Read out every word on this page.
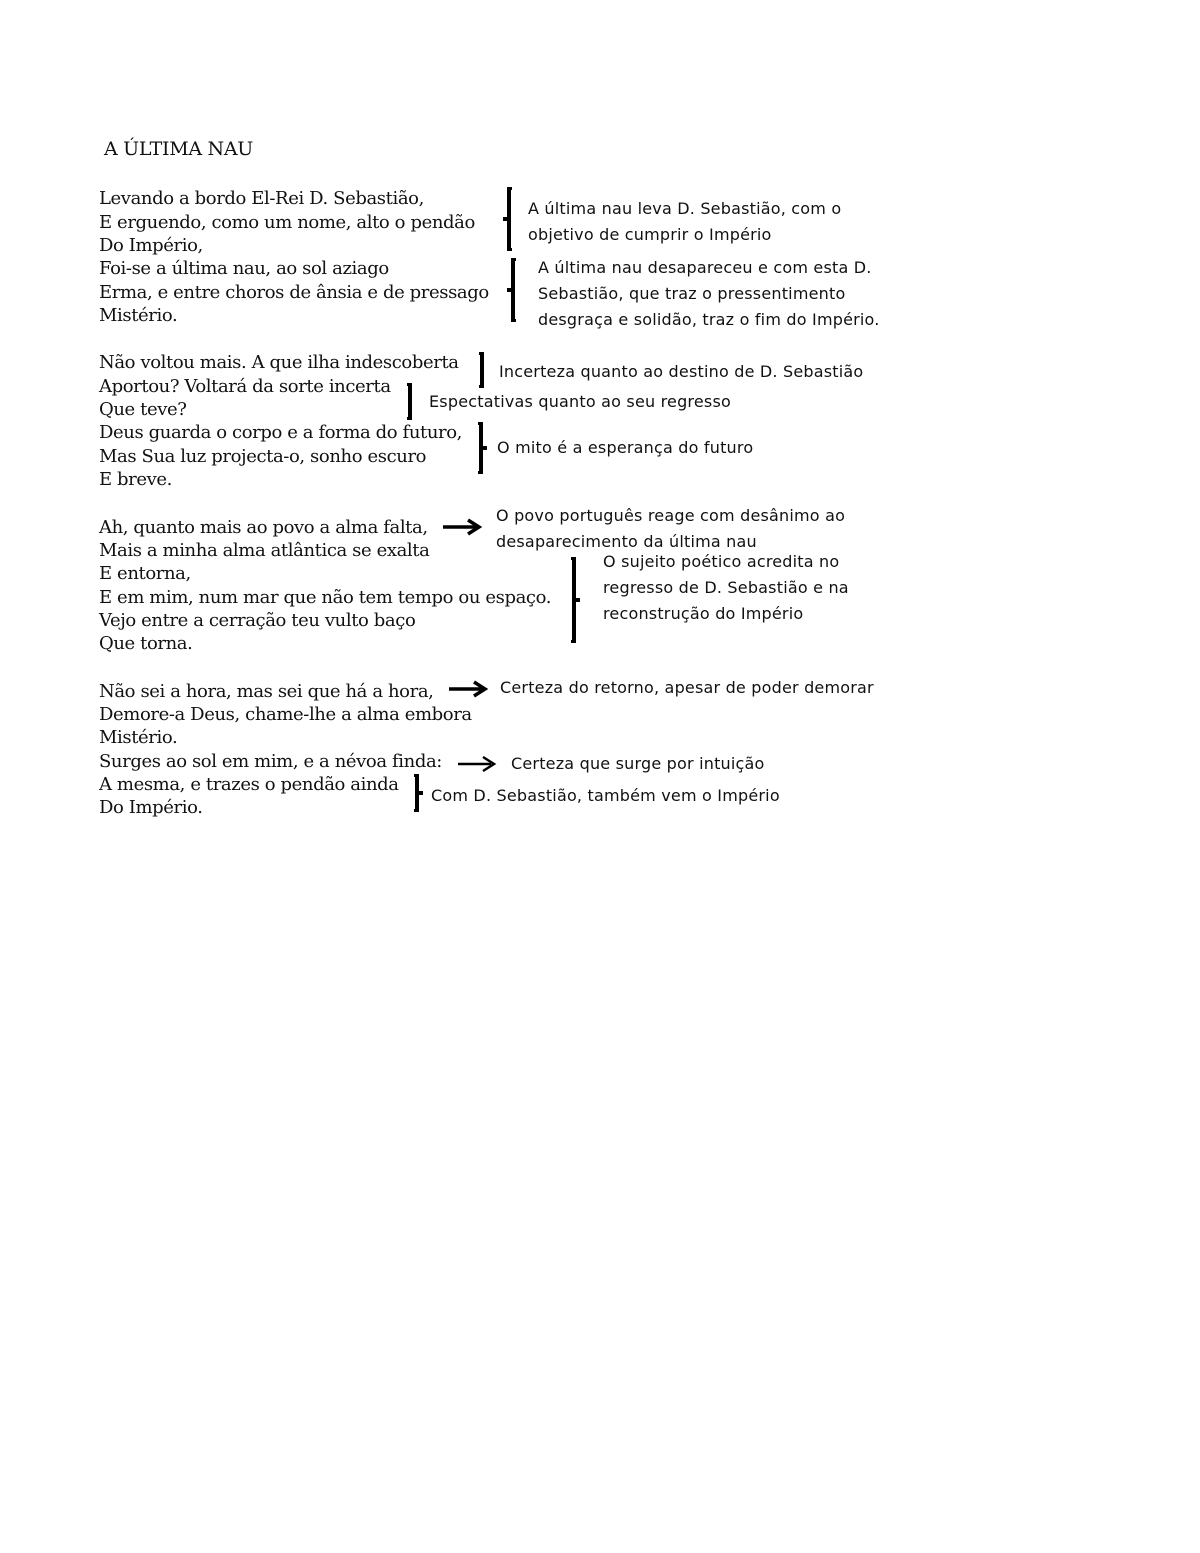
A ÚLTIMA NAU
Levando a bordo El-Rei D. Sebastião,
E erguendo, como um nome, alto o pendão
Do Império,
Foi-se a última nau, ao sol aziago
Erma, e entre choros de ânsia e de pressago
Mistério.
Não voltou mais. A que ilha indescoberta
Aportou? Voltará da sorte incerta
Que teve?
Deus guarda o corpo e a forma do futuro,
Mas Sua luz projecta-o, sonho escuro
E breve.
Ah, quanto mais ao povo a alma falta,
Mais a minha alma atlântica se exalta
E entorna,
E em mim, num mar que não tem tempo ou espaço.
Vejo entre a cerração teu vulto baço
Que torna.
Não sei a hora, mas sei que há a hora,
Demore-a Deus, chame-lhe a alma embora
Mistério.
Surges ao sol em mim, e a névoa finda:
A mesma, e trazes o pendão ainda
Do Império.
A última nau leva D. Sebastião, com o
objetivo de cumprir o Império
A última nau desapareceu e com esta D.
Sebastião, que traz o pressentimento
desgraça e solidão, traz o fim do Império.
Incerteza quanto ao destino de D. Sebastião
Espectativas quanto ao seu regresso
O mito é a esperança do futuro
O povo português reage com desânimo ao
desaparecimento da última nau
O sujeito poético acredita no
regresso de D. Sebastião e na
reconstrução do Império
Certeza do retorno, apesar de poder demorar
Certeza que surge por intuição
Com D. Sebastião, também vem o Império
